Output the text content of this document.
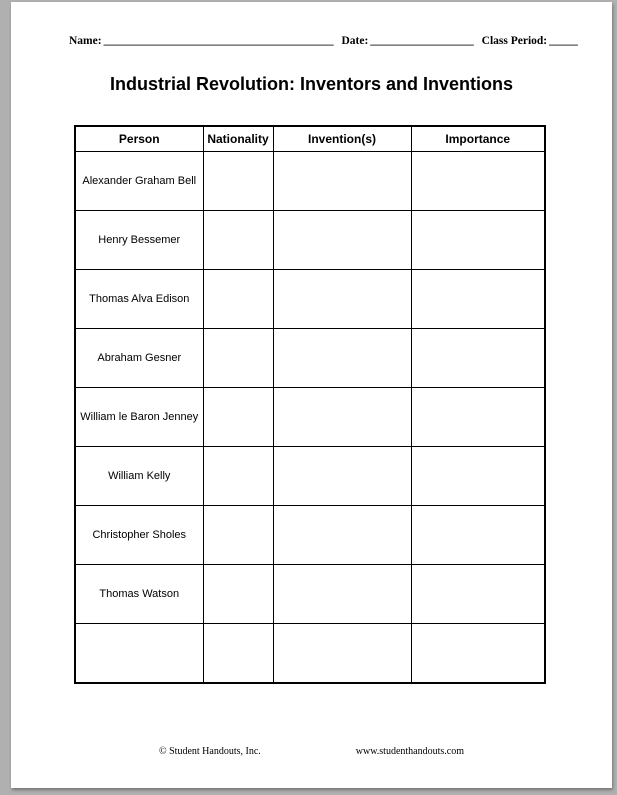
Name: ________________________________________ Date: __________________ Class Period: _____
Industrial Revolution: Inventors and Inventions
Person	Nationality	Invention(s)	Importance
Alexander Graham Bell			
Henry Bessemer			
Thomas Alva Edison			
Abraham Gesner			
William le Baron Jenney			
William Kelly			
Christopher Sholes			
Thomas Watson			

© Student Handouts, Inc.	www.studenthandouts.com
